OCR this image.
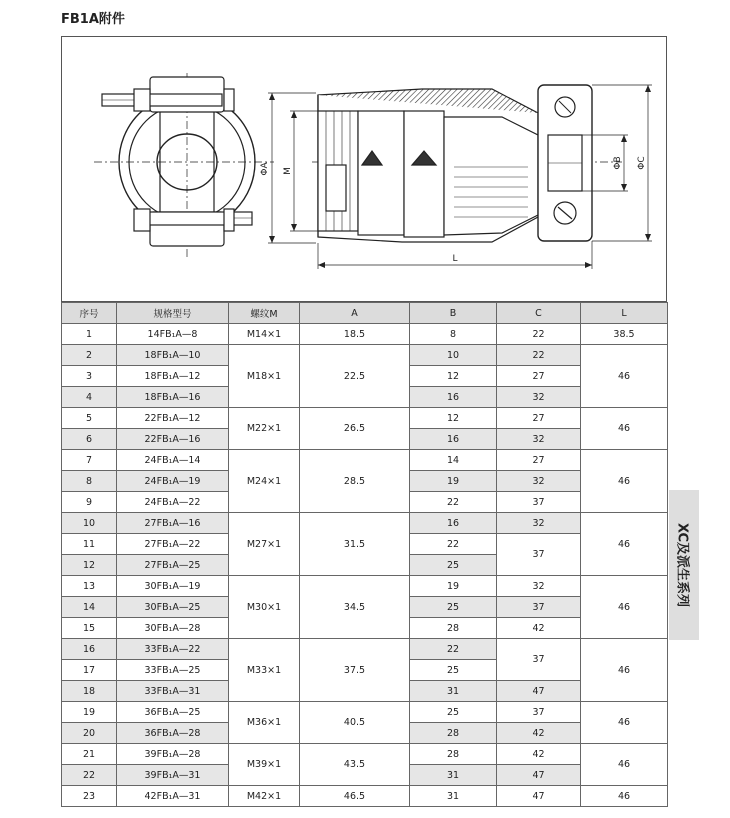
FB1A附件
ΦA M
ΦB ΦC
L
序号	规格型号	螺纹M	A	B	C	L
1	14FB₁A—8	M14×1	18.5	8	22	38.5
2	18FB₁A—10	M18×1	22.5	10	22	46
3	18FB₁A—12			12	27	
4	18FB₁A—16			16	32	
5	22FB₁A—12	M22×1	26.5	12	27	46
6	22FB₁A—16			16	32	
7	24FB₁A—14	M24×1	28.5	14	27	46
8	24FB₁A—19			19	32	
9	24FB₁A—22			22	37	
10	27FB₁A—16	M27×1	31.5	16	32	46
11	27FB₁A—22			22	37	
12	27FB₁A—25			25		
13	30FB₁A—19	M30×1	34.5	19	32	46
14	30FB₁A—25			25	37	
15	30FB₁A—28			28	42	
16	33FB₁A—22	M33×1	37.5	22	37	46
17	33FB₁A—25			25		
18	33FB₁A—31			31	47	
19	36FB₁A—25	M36×1	40.5	25	37	46
20	36FB₁A—28			28	42	
21	39FB₁A—28	M39×1	43.5	28	42	46
22	39FB₁A—31			31	47	
23	42FB₁A—31	M42×1	46.5	31	47	46
XC及派生系列
